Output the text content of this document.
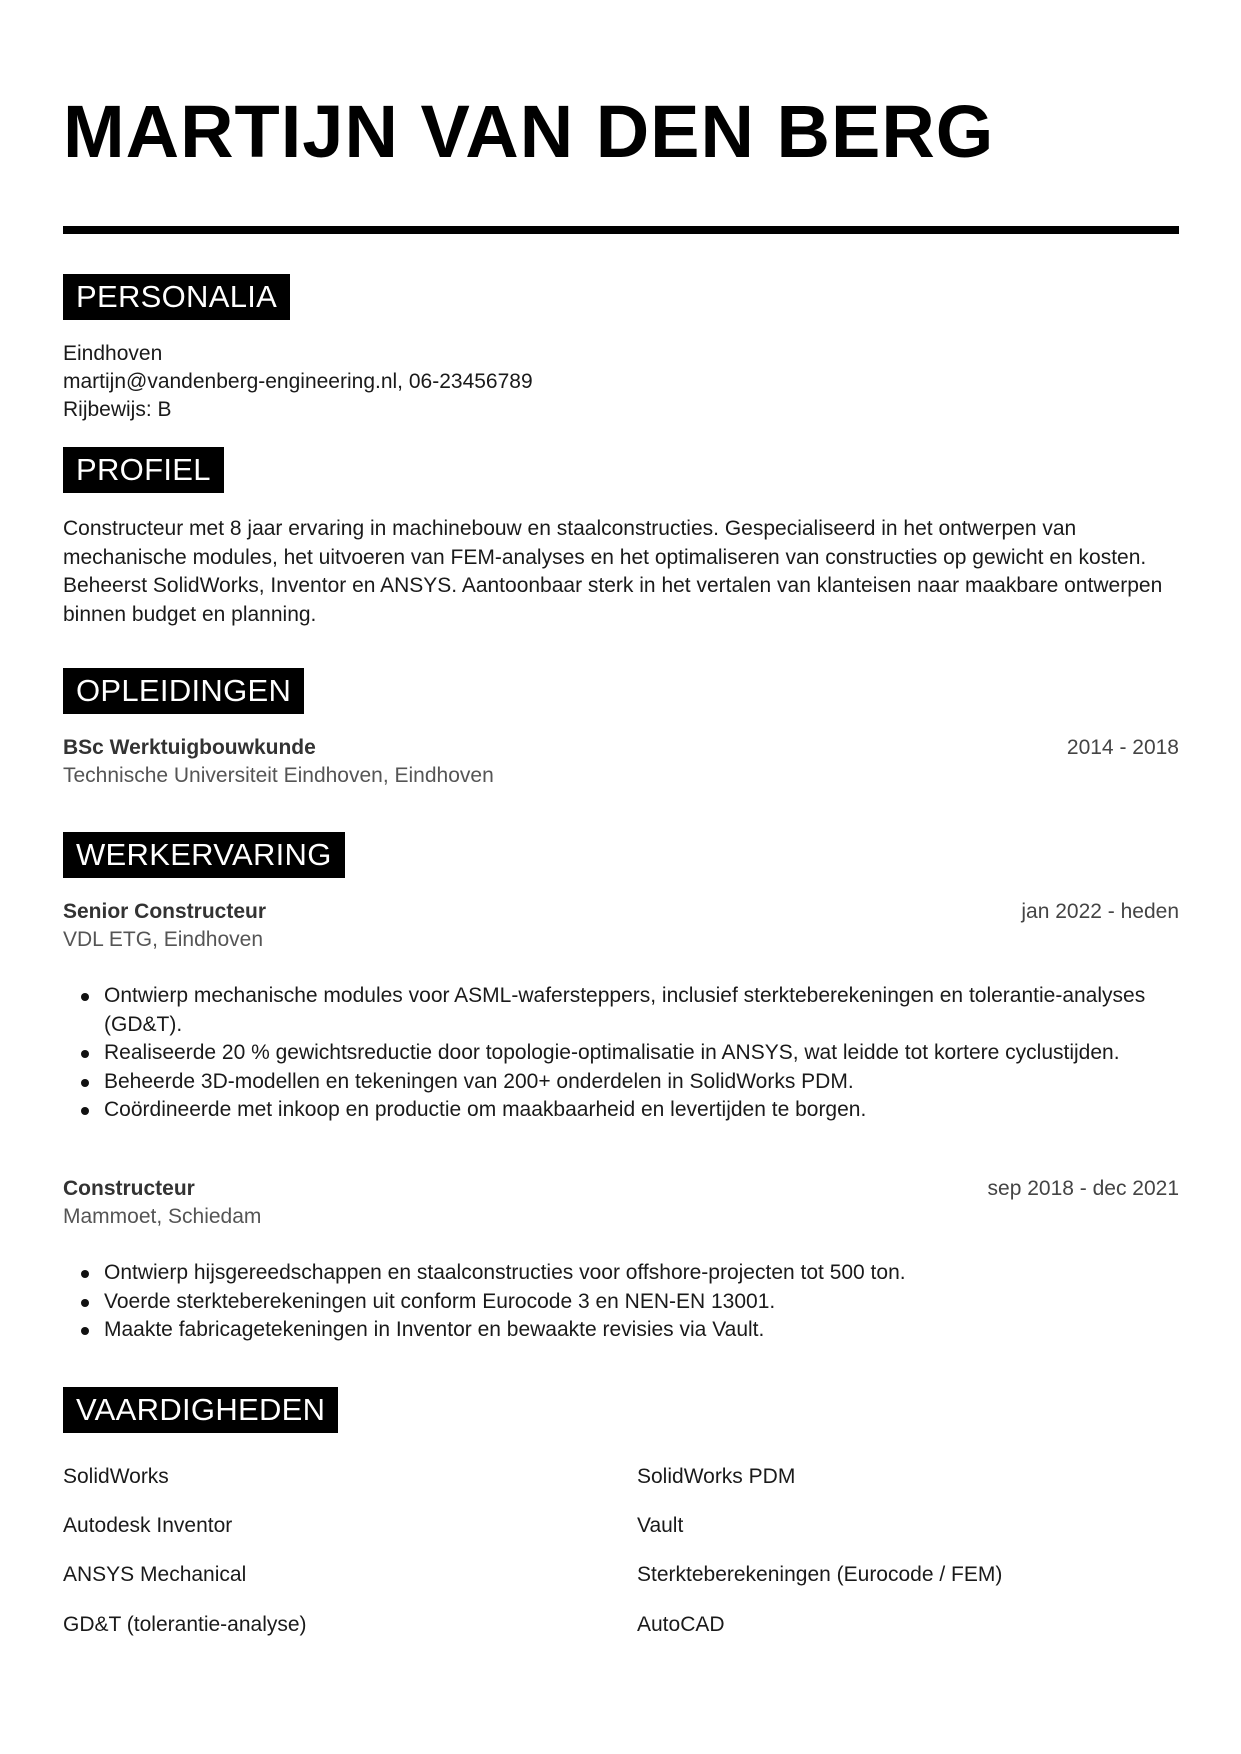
MARTIJN VAN DEN BERG
PERSONALIA
Eindhoven
martijn@vandenberg-engineering.nl, 06-23456789
Rijbewijs: B
PROFIEL

Constructeur met 8 jaar ervaring in machinebouw en staalconstructies. Gespecialiseerd in het ontwerpen van mechanische modules, het uitvoeren van FEM-analyses en het optimaliseren van constructies op gewicht en kosten. Beheerst SolidWorks, Inventor en ANSYS. Aantoonbaar sterk in het vertalen van klanteisen naar maakbare ontwerpen binnen budget en planning.

OPLEIDINGEN
BSc Werktuigbouwkunde	2014 - 2018
Technische Universiteit Eindhoven, Eindhoven
WERKERVARING
Senior Constructeur	jan 2022 - heden
VDL ETG, Eindhoven
Ontwierp mechanische modules voor ASML-wafersteppers, inclusief sterkteberekeningen en tolerantie-analyses (GD&T).
Realiseerde 20 % gewichtsreductie door topologie-optimalisatie in ANSYS, wat leidde tot kortere cyclustijden.
Beheerde 3D-modellen en tekeningen van 200+ onderdelen in SolidWorks PDM.
Coördineerde met inkoop en productie om maakbaarheid en levertijden te borgen.
Constructeur	sep 2018 - dec 2021
Mammoet, Schiedam
Ontwierp hijsgereedschappen en staalconstructies voor offshore-projecten tot 500 ton.
Voerde sterkteberekeningen uit conform Eurocode 3 en NEN-EN 13001.
Maakte fabricagetekeningen in Inventor en bewaakte revisies via Vault.
VAARDIGHEDEN
SolidWorks	SolidWorks PDM
Autodesk Inventor	Vault
ANSYS Mechanical	Sterkteberekeningen (Eurocode / FEM)
GD&T (tolerantie-analyse)	AutoCAD
